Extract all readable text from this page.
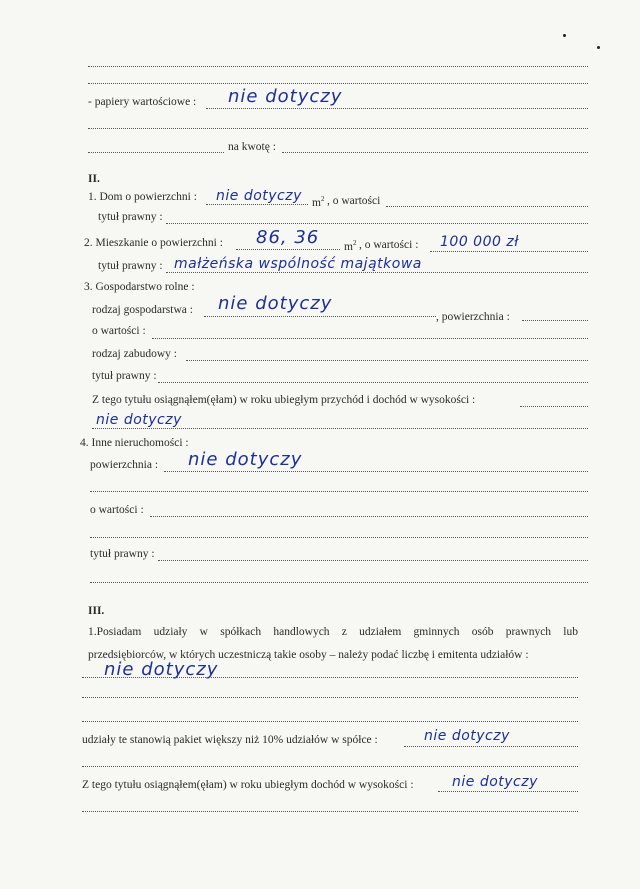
- papiery wartościowe : nie dotyczy
na kwotę :
II.
1. Dom o powierzchni : nie dotyczy $m^2$ , o wartości
tytuł prawny :
2. Mieszkanie o powierzchni : 86, 36 $m^2$ , o wartości : 100 000 zł
tytuł prawny : małżeńska wspólność majątkowa
3. Gospodarstwo rolne :
rodzaj gospodarstwa : nie dotyczy
, powierzchnia :
o wartości :
rodzaj zabudowy :
tytuł prawny :
Z tego tytułu osiągnąłem(ęłam) w roku ubiegłym przychód i dochód w wysokości :
nie dotyczy
4. Inne nieruchomości :
powierzchnia : nie dotyczy
o wartości :
tytuł prawny :
III.
1.Posiadam udziały w spółkach handlowych z udziałem gminnych osób prawnych lub
przedsiębiorców, w których uczestniczą takie osoby – należy podać liczbę i emitenta udziałów :
nie dotyczy
udziały te stanowią pakiet większy niż 10% udziałów w spółce :	nie dotyczy
Z tego tytułu osiągnąłem(ęłam) w roku ubiegłym dochód w wysokości :	nie dotyczy
